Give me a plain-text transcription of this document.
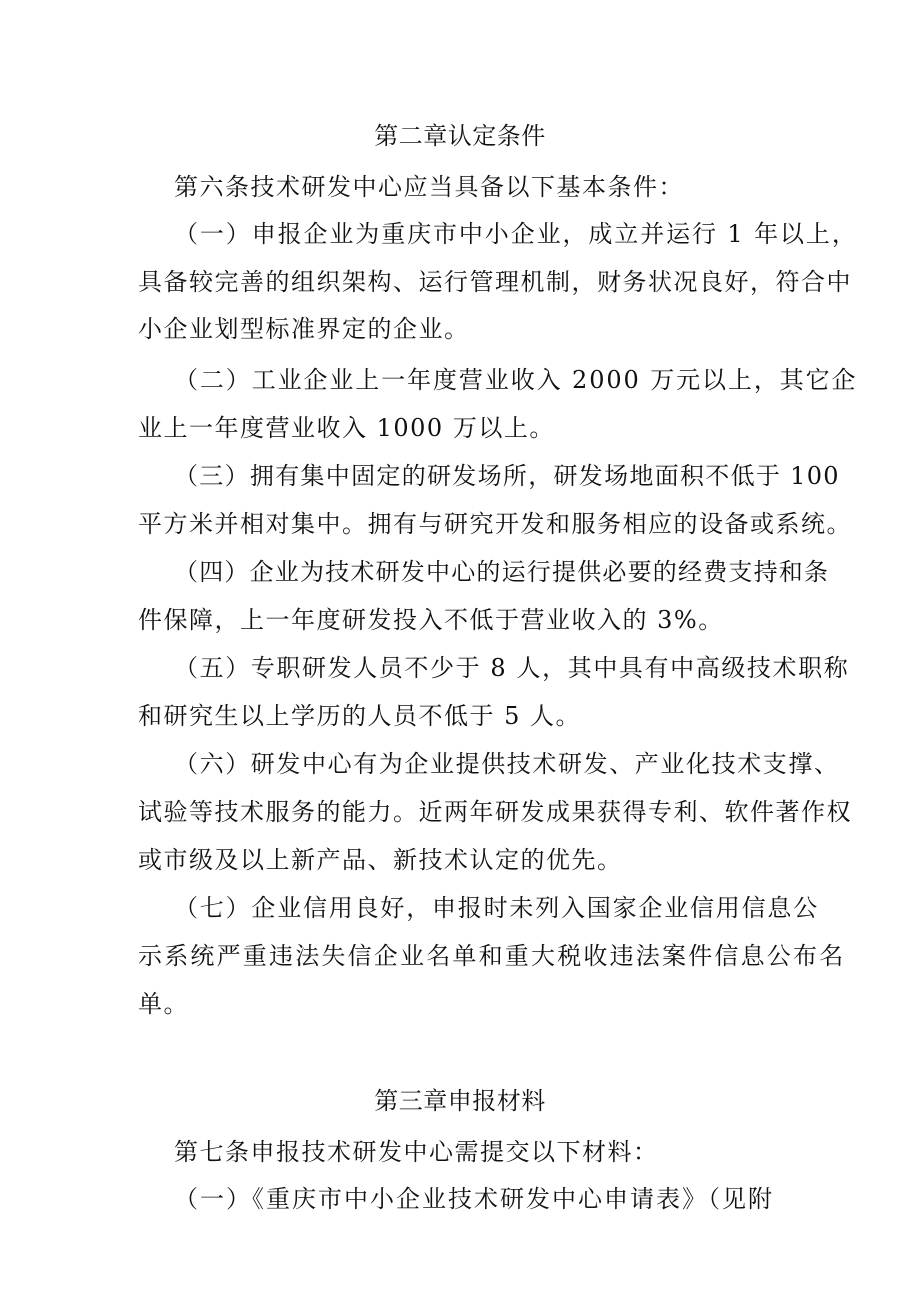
第二章认定条件
第六条技术研发中心应当具备以下基本条件：
（一）申报企业为重庆市中小企业，成立并运行 1 年以上，
具备较完善的组织架构、运行管理机制，财务状况良好，符合中
小企业划型标准界定的企业。
（二）工业企业上一年度营业收入 2000 万元以上，其它企
业上一年度营业收入 1000 万以上。
（三）拥有集中固定的研发场所，研发场地面积不低于 100
平方米并相对集中。拥有与研究开发和服务相应的设备或系统。
（四）企业为技术研发中心的运行提供必要的经费支持和条
件保障，上一年度研发投入不低于营业收入的 3%。
（五）专职研发人员不少于 8 人，其中具有中高级技术职称
和研究生以上学历的人员不低于 5 人。
（六）研发中心有为企业提供技术研发、产业化技术支撑、
试验等技术服务的能力。近两年研发成果获得专利、软件著作权
或市级及以上新产品、新技术认定的优先。
（七）企业信用良好，申报时未列入国家企业信用信息公
示系统严重违法失信企业名单和重大税收违法案件信息公布名
单。
第三章申报材料
第七条申报技术研发中心需提交以下材料：
（一）《重庆市中小企业技术研发中心申请表》（见附
